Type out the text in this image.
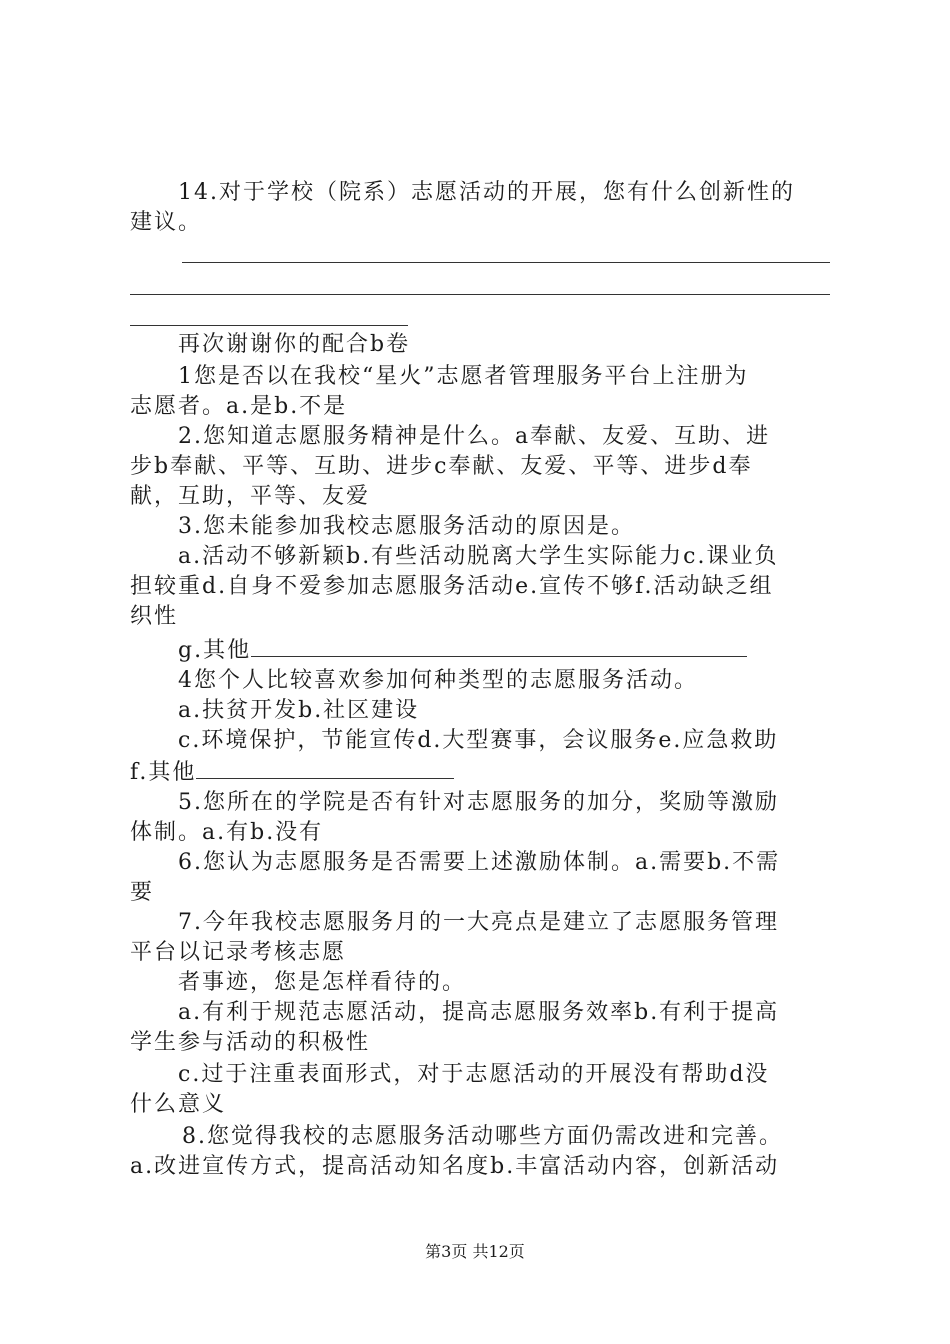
14.对于学校（院系）志愿活动的开展，您有什么创新性的
建议。
再次谢谢你的配合b卷
1您是否以在我校“星火”志愿者管理服务平台上注册为
志愿者。a.是b.不是
2.您知道志愿服务精神是什么。a奉献、友爱、互助、进
步b奉献、平等、互助、进步c奉献、友爱、平等、进步d奉
献，互助，平等、友爱
3.您未能参加我校志愿服务活动的原因是。
a.活动不够新颖b.有些活动脱离大学生实际能力c.课业负
担较重d.自身不爱参加志愿服务活动e.宣传不够f.活动缺乏组
织性
g.其他
4您个人比较喜欢参加何种类型的志愿服务活动。
a.扶贫开发b.社区建设
c.环境保护，节能宣传d.大型赛事，会议服务e.应急救助
f.其他
5.您所在的学院是否有针对志愿服务的加分，奖励等激励
体制。a.有b.没有
6.您认为志愿服务是否需要上述激励体制。a.需要b.不需
要
7.今年我校志愿服务月的一大亮点是建立了志愿服务管理
平台以记录考核志愿
者事迹，您是怎样看待的。
a.有利于规范志愿活动，提高志愿服务效率b.有利于提高
学生参与活动的积极性
c.过于注重表面形式，对于志愿活动的开展没有帮助d没
什么意义
8.您觉得我校的志愿服务活动哪些方面仍需改进和完善。
a.改进宣传方式，提高活动知名度b.丰富活动内容，创新活动
第3页 共12页
